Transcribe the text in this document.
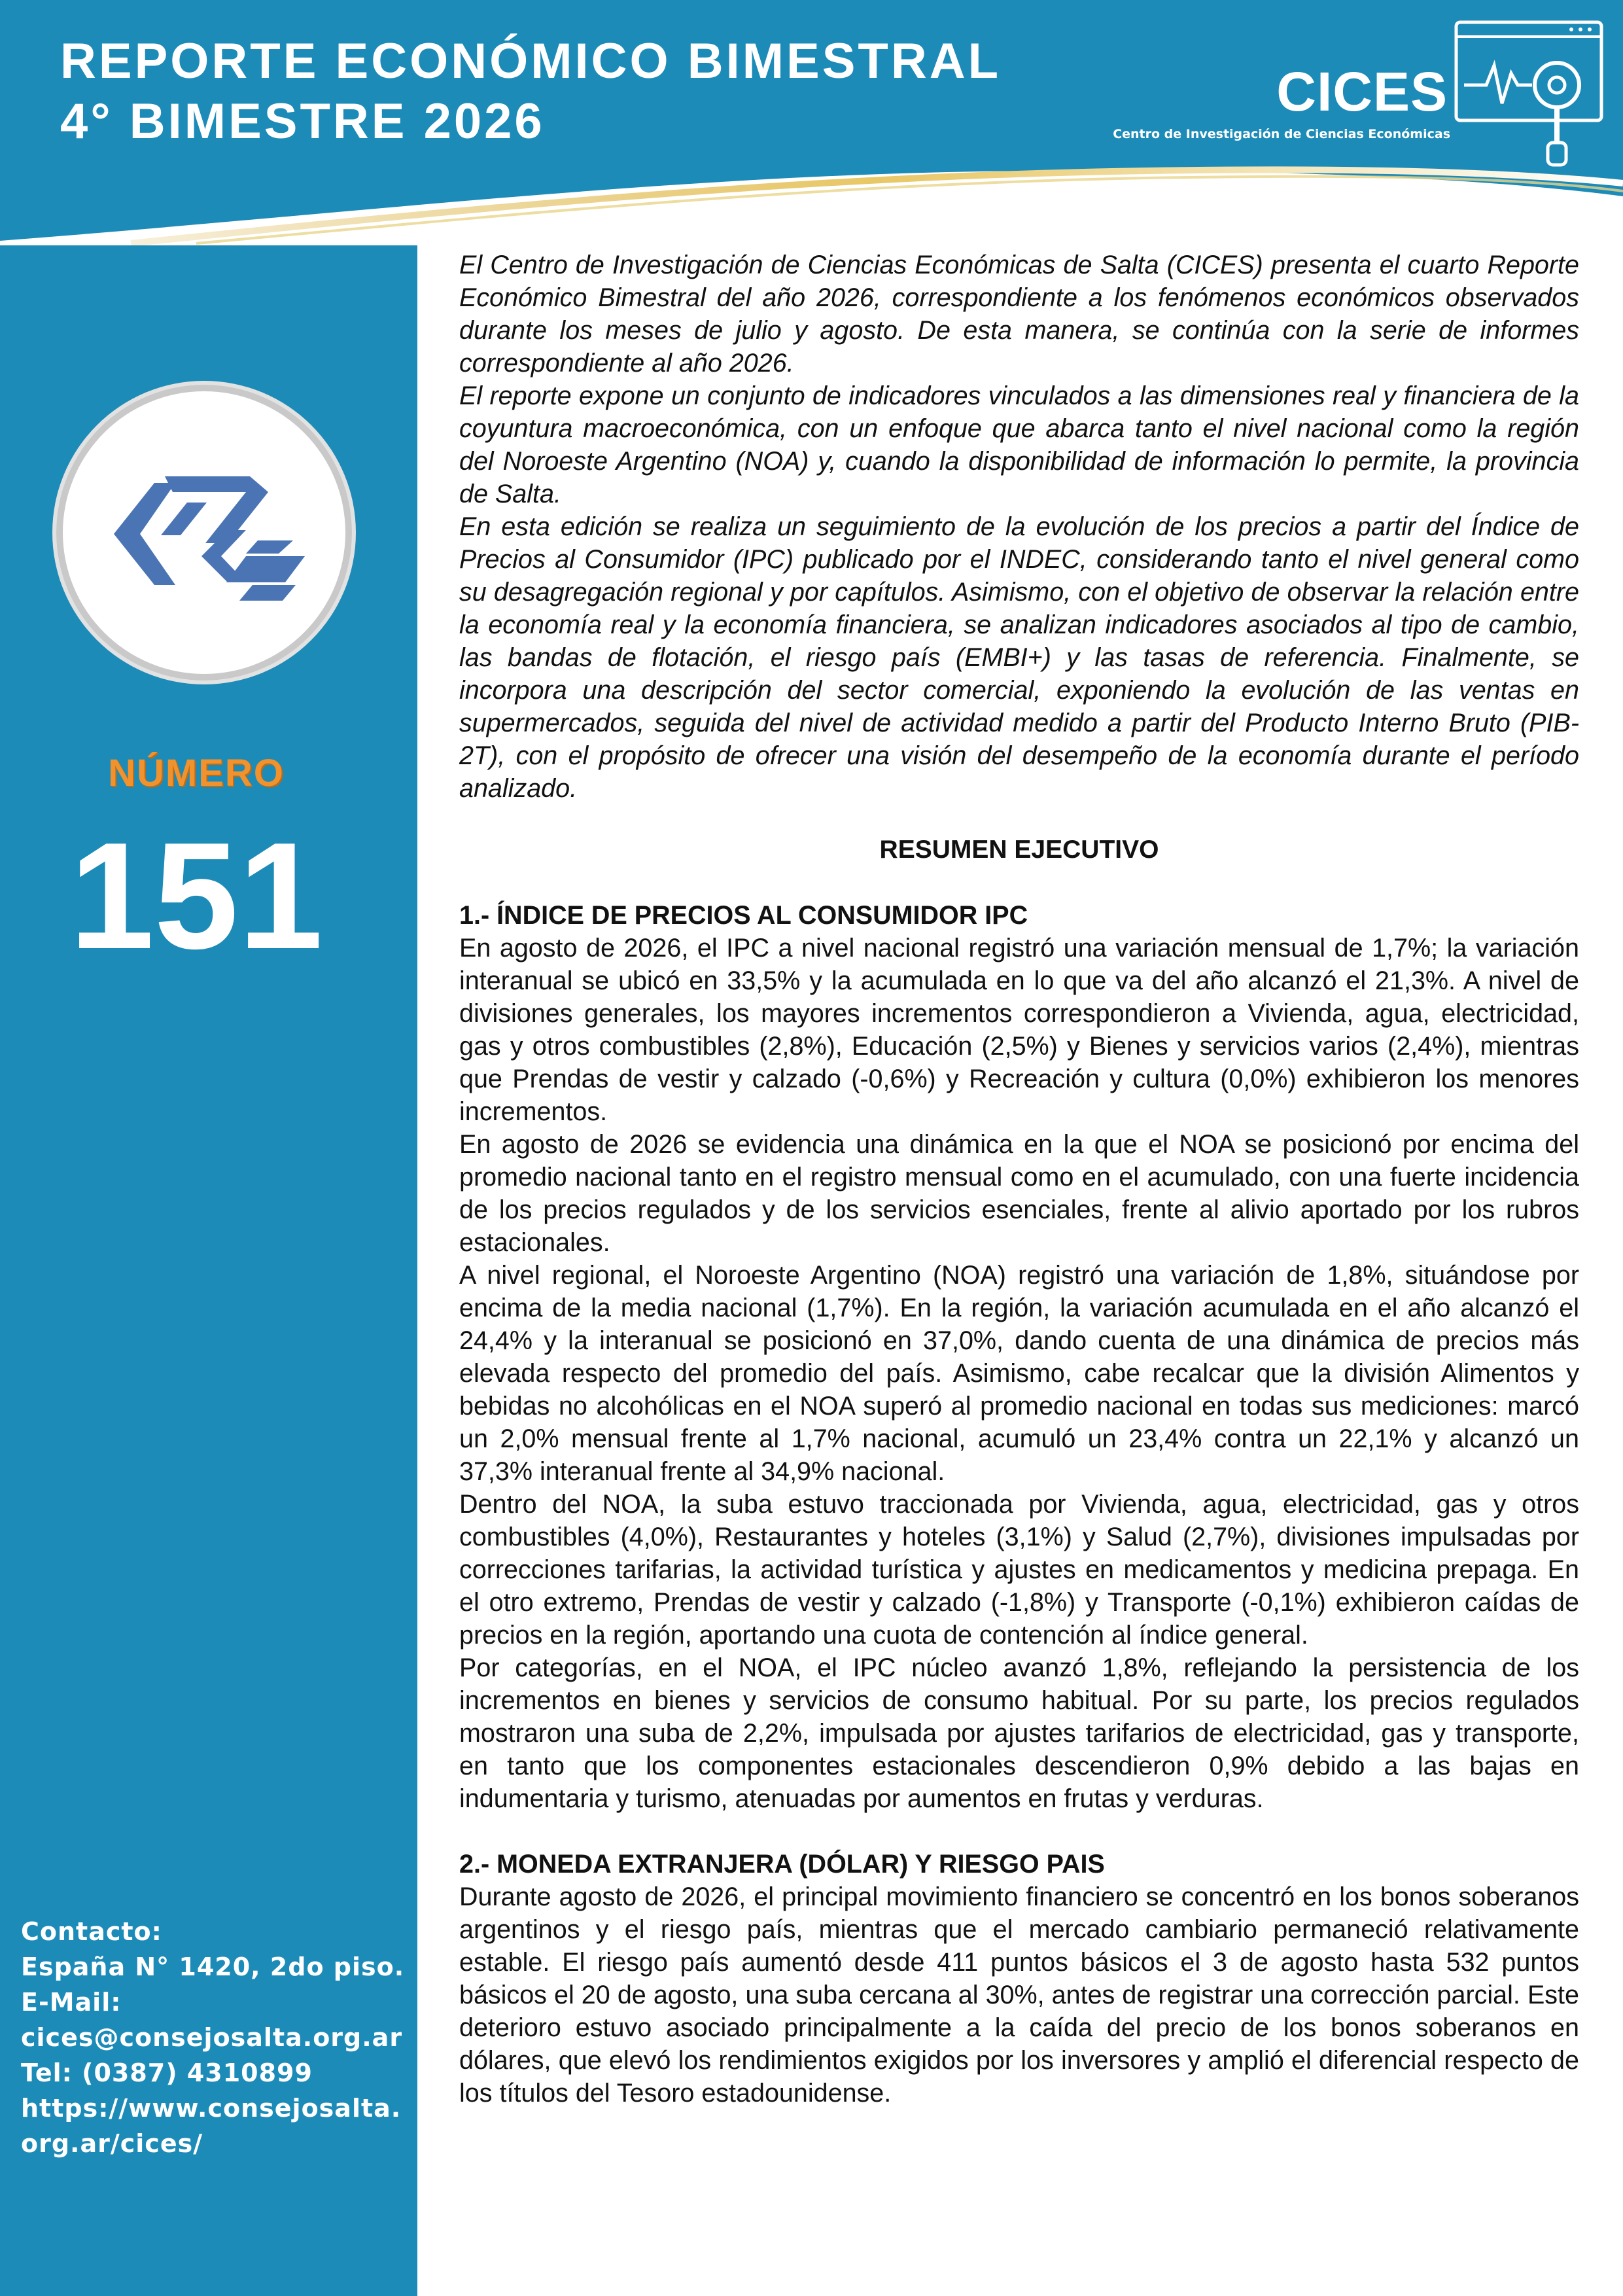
REPORTE ECONÓMICO BIMESTRAL
4° BIMESTRE 2026	CICES
Centro de Investigación de Ciencias Económicas
CPCE
NÚMERO
151
Contacto:
España N° 1420, 2do piso.
E-Mail:
cices@consejosalta.org.ar
Tel: (0387) 4310899
https://www.consejosalta.
org.ar/cices/

El Centro de Investigación de Ciencias Económicas de Salta (CICES) presenta el cuarto Reporte Económico Bimestral del año 2026, correspondiente a los fenómenos económicos observados durante los meses de julio y agosto. De esta manera, se continúa con la serie de informes correspondiente al año 2026.

El reporte expone un conjunto de indicadores vinculados a las dimensiones real y financiera de la coyuntura macroeconómica, con un enfoque que abarca tanto el nivel nacional como la región del Noroeste Argentino (NOA) y, cuando la disponibilidad de información lo permite, la provincia de Salta.

En esta edición se realiza un seguimiento de la evolución de los precios a partir del Índice de Precios al Consumidor (IPC) publicado por el INDEC, considerando tanto el nivel general como su desagregación regional y por capítulos. Asimismo, con el objetivo de observar la relación entre la economía real y la economía financiera, se analizan indicadores asociados al tipo de cambio, las bandas de flotación, el riesgo país (EMBI+) y las tasas de referencia. Finalmente, se incorpora una descripción del sector comercial, exponiendo la evolución de las ventas en supermercados, seguida del nivel de actividad medido a partir del Producto Interno Bruto (PIB-2T), con el propósito de ofrecer una visión del desempeño de la economía durante el período analizado.

RESUMEN EJECUTIVO
1.- ÍNDICE DE PRECIOS AL CONSUMIDOR IPC

En agosto de 2026, el IPC a nivel nacional registró una variación mensual de 1,7%; la variación interanual se ubicó en 33,5% y la acumulada en lo que va del año alcanzó el 21,3%. A nivel de divisiones generales, los mayores incrementos correspondieron a Vivienda, agua, electricidad, gas y otros combustibles (2,8%), Educación (2,5%) y Bienes y servicios varios (2,4%), mientras que Prendas de vestir y calzado (-0,6%) y Recreación y cultura (0,0%) exhibieron los menores incrementos.

En agosto de 2026 se evidencia una dinámica en la que el NOA se posicionó por encima del promedio nacional tanto en el registro mensual como en el acumulado, con una fuerte incidencia de los precios regulados y de los servicios esenciales, frente al alivio aportado por los rubros estacionales.

A nivel regional, el Noroeste Argentino (NOA) registró una variación de 1,8%, situándose por encima de la media nacional (1,7%). En la región, la variación acumulada en el año alcanzó el 24,4% y la interanual se posicionó en 37,0%, dando cuenta de una dinámica de precios más elevada respecto del promedio del país. Asimismo, cabe recalcar que la división Alimentos y bebidas no alcohólicas en el NOA superó al promedio nacional en todas sus mediciones: marcó un 2,0% mensual frente al 1,7% nacional, acumuló un 23,4% contra un 22,1% y alcanzó un 37,3% interanual frente al 34,9% nacional.

Dentro del NOA, la suba estuvo traccionada por Vivienda, agua, electricidad, gas y otros combustibles (4,0%), Restaurantes y hoteles (3,1%) y Salud (2,7%), divisiones impulsadas por correcciones tarifarias, la actividad turística y ajustes en medicamentos y medicina prepaga. En el otro extremo, Prendas de vestir y calzado (-1,8%) y Transporte (-0,1%) exhibieron caídas de precios en la región, aportando una cuota de contención al índice general.

Por categorías, en el NOA, el IPC núcleo avanzó 1,8%, reflejando la persistencia de los incrementos en bienes y servicios de consumo habitual. Por su parte, los precios regulados mostraron una suba de 2,2%, impulsada por ajustes tarifarios de electricidad, gas y transporte, en tanto que los componentes estacionales descendieron 0,9% debido a las bajas en indumentaria y turismo, atenuadas por aumentos en frutas y verduras.

2.- MONEDA EXTRANJERA (DÓLAR) Y RIESGO PAIS

Durante agosto de 2026, el principal movimiento financiero se concentró en los bonos soberanos argentinos y el riesgo país, mientras que el mercado cambiario permaneció relativamente estable. El riesgo país aumentó desde 411 puntos básicos el 3 de agosto hasta 532 puntos básicos el 20 de agosto, una suba cercana al 30%, antes de registrar una corrección parcial. Este deterioro estuvo asociado principalmente a la caída del precio de los bonos soberanos en dólares, que elevó los rendimientos exigidos por los inversores y amplió el diferencial respecto de los títulos del Tesoro estadounidense.
